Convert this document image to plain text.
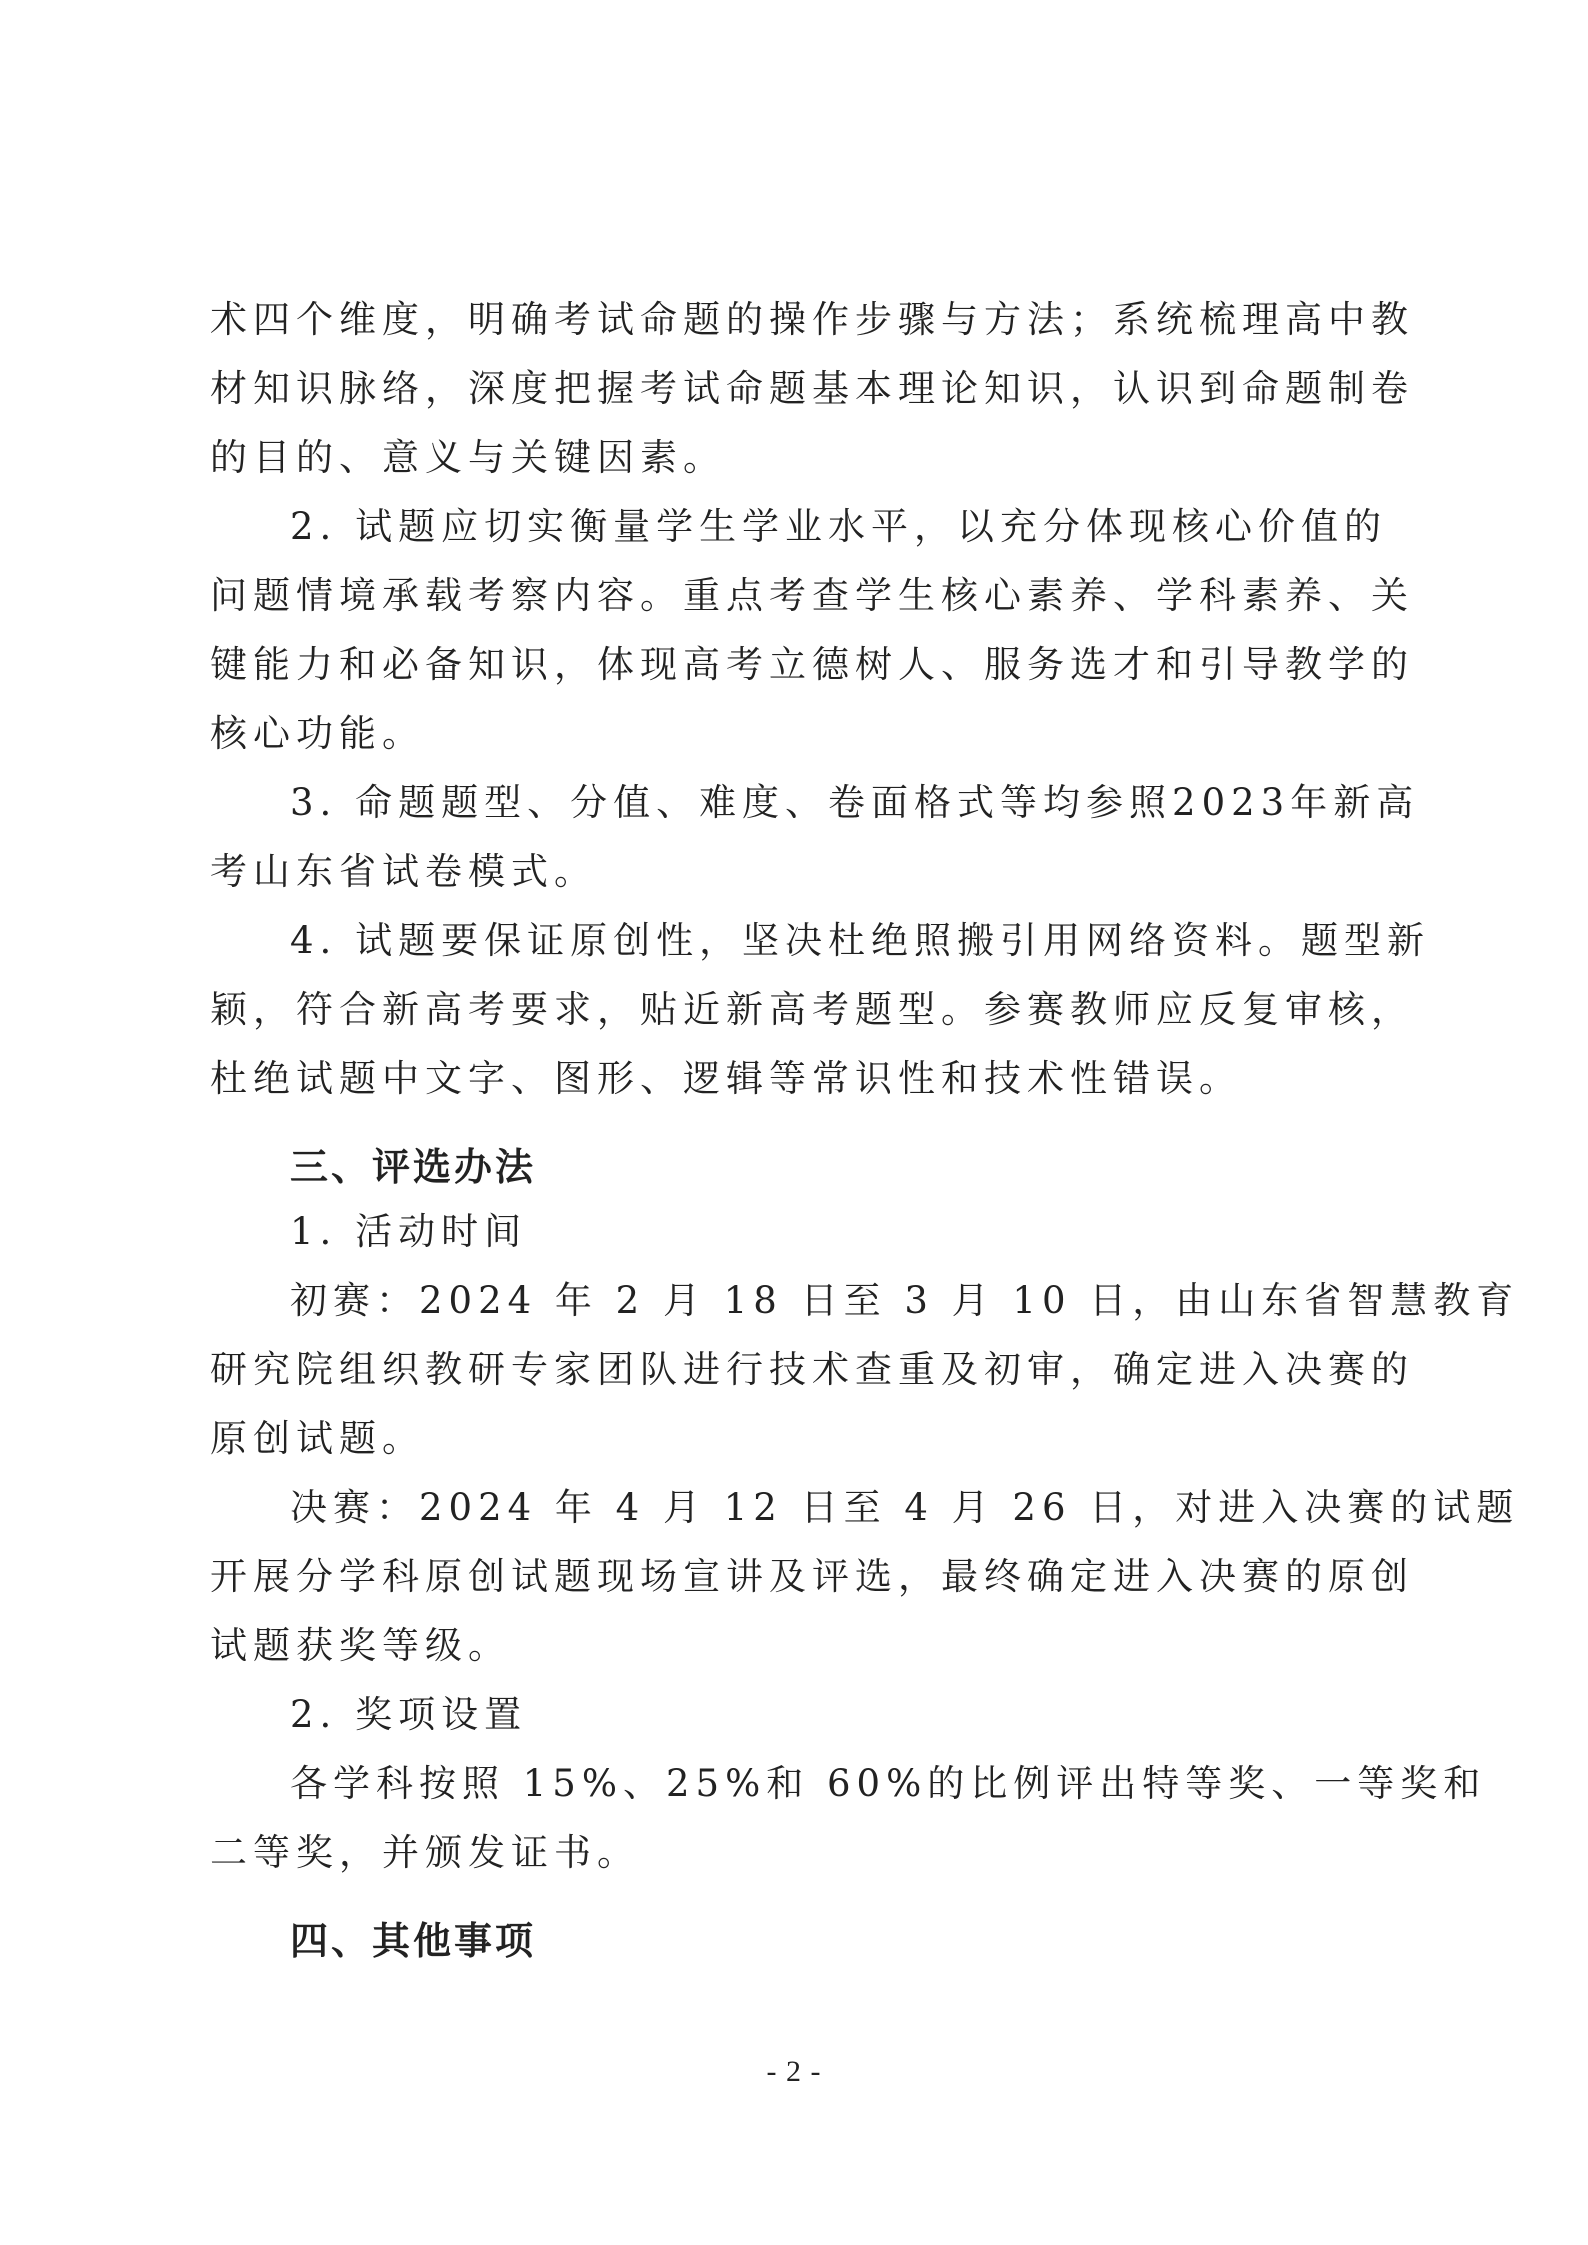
术四个维度，明确考试命题的操作步骤与方法；系统梳理高中教
材知识脉络，深度把握考试命题基本理论知识，认识到命题制卷
的目的、意义与关键因素。
2. 试题应切实衡量学生学业水平，以充分体现核心价值的
问题情境承载考察内容。重点考查学生核心素养、学科素养、关
键能力和必备知识，体现高考立德树人、服务选才和引导教学的
核心功能。
3. 命题题型、分值、难度、卷面格式等均参照2023年新高
考山东省试卷模式。
4. 试题要保证原创性，坚决杜绝照搬引用网络资料。题型新
颖，符合新高考要求，贴近新高考题型。参赛教师应反复审核，
杜绝试题中文字、图形、逻辑等常识性和技术性错误。
三、评选办法
1. 活动时间
初赛：2024 年 2 月 18 日至 3 月 10 日，由山东省智慧教育
研究院组织教研专家团队进行技术查重及初审，确定进入决赛的
原创试题。
决赛：2024 年 4 月 12 日至 4 月 26 日，对进入决赛的试题
开展分学科原创试题现场宣讲及评选，最终确定进入决赛的原创
试题获奖等级。
2. 奖项设置
各学科按照 15%、25%和 60%的比例评出特等奖、一等奖和
二等奖，并颁发证书。
四、其他事项
- 2 -
